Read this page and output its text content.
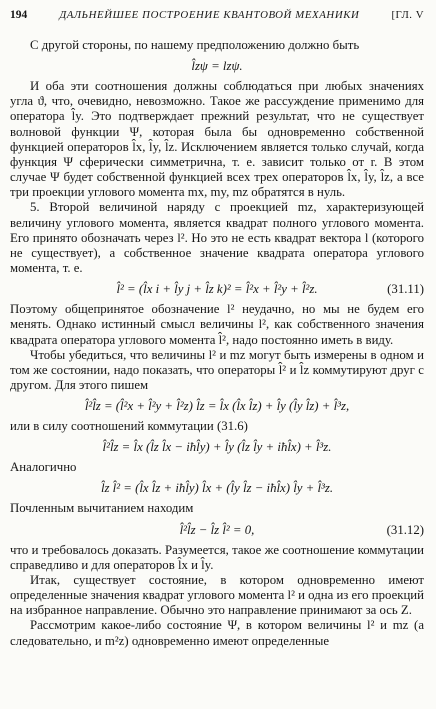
194	ДАЛЬНЕЙШЕЕ ПОСТРОЕНИЕ КВАНТОВОЙ МЕХАНИКИ	[ГЛ. V

С другой стороны, по нашему предположению должно быть

l̂zψ = lzψ.

И оба эти соотношения должны соблюдаться при любых значениях угла ϑ, что, очевидно, невозможно. Такое же рассуждение применимо для оператора l̂y. Это подтверждает прежний результат, что не существует волновой функции Ψ, которая была бы одновременно собственной функцией операторов l̂x, l̂y, l̂z. Исключением является только случай, когда функция Ψ сферически симметрична, т. е. зависит только от r. В этом случае Ψ будет собственной функцией всех трех операторов l̂x, l̂y, l̂z, а все три проекции углового момента mx, my, mz обратятся в нуль.

5. Второй величиной наряду с проекцией mz, характеризующей величину углового момента, является квадрат полного углового момента. Его принято обозначать через l². Но это не есть квадрат вектора l (которого не существует), а собственное значение квадрата оператора углового момента, т. е.

l̂² = (l̂x i + l̂y j + l̂z k)² = l̂²x + l̂²y + l̂²z.	(31.11)

Поэтому общепринятое обозначение l² неудачно, но мы не будем его менять. Однако истинный смысл величины l², как собственного значения квадрата оператора углового момента l̂², надо постоянно иметь в виду.

Чтобы убедиться, что величины l² и mz могут быть измерены в одном и том же состоянии, надо показать, что операторы l̂² и l̂z коммутируют друг с другом. Для этого пишем

l̂²l̂z = (l̂²x + l̂²y + l̂²z) l̂z = l̂x (l̂x l̂z) + l̂y (l̂y l̂z) + l̂³z,

или в силу соотношений коммутации (31.6)

l̂²l̂z = l̂x (l̂z l̂x − iħl̂y) + l̂y (l̂z l̂y + iħl̂x) + l̂³z.

Аналогично

l̂z l̂² = (l̂x l̂z + iħl̂y) l̂x + (l̂y l̂z − iħl̂x) l̂y + l̂³z.

Почленным вычитанием находим

l̂²l̂z − l̂z l̂² = 0,	(31.12)

что и требовалось доказать. Разумеется, такое же соотношение коммутации справедливо и для операторов l̂x и l̂y.

Итак, существует состояние, в котором одновременно имеют определенные значения квадрат углового момента l² и одна из его проекций на избранное направление. Обычно это направление принимают за ось Z.

Рассмотрим какое-либо состояние Ψ, в котором величины l² и mz (а следовательно, и m²z) одновременно имеют определенные
